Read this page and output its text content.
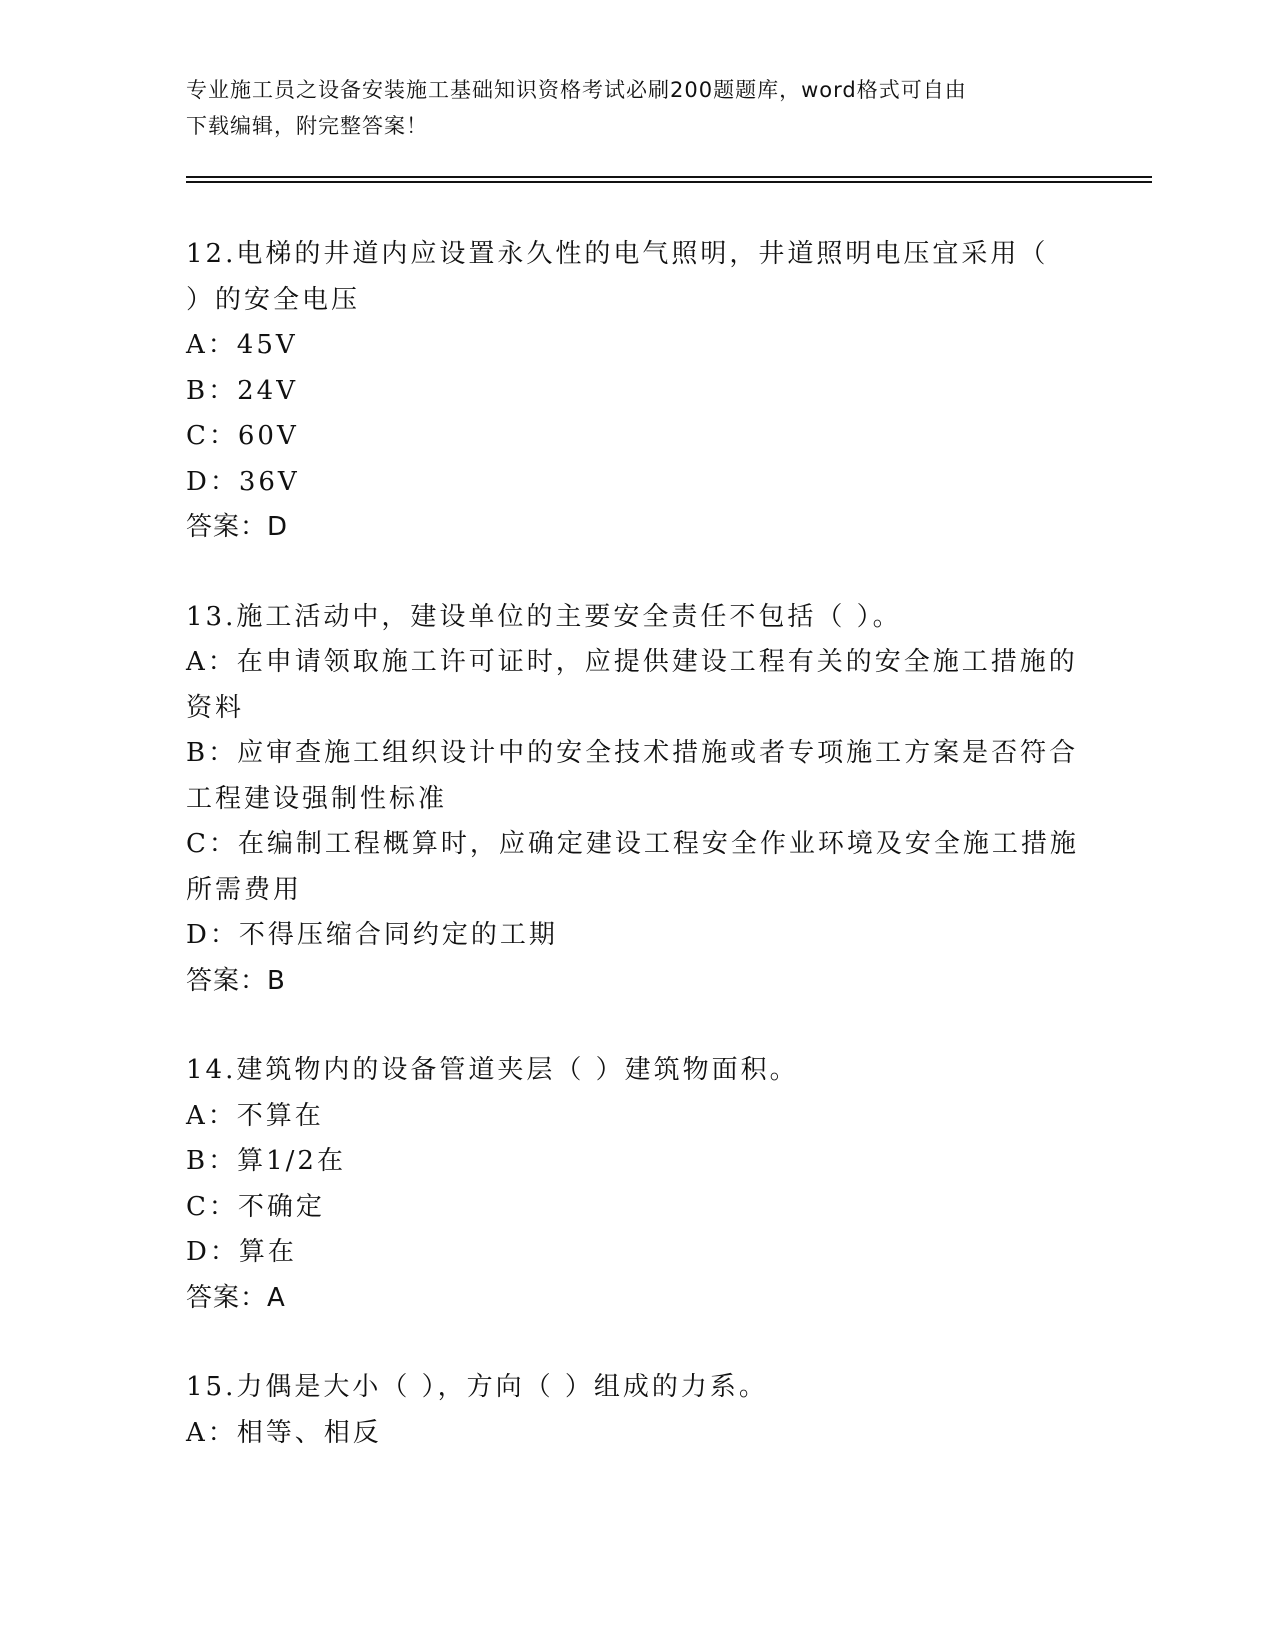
专业施工员之设备安装施工基础知识资格考试必刷200题题库，word格式可自由
下载编辑，附完整答案！
12.电梯的井道内应设置永久性的电气照明，井道照明电压宜采用（
）的安全电压
A：45V
B：24V
C：60V
D：36V
答案：D
13.施工活动中，建设单位的主要安全责任不包括（ ）。
A：在申请领取施工许可证时，应提供建设工程有关的安全施工措施的
资料
B：应审查施工组织设计中的安全技术措施或者专项施工方案是否符合
工程建设强制性标准
C：在编制工程概算时，应确定建设工程安全作业环境及安全施工措施
所需费用
D：不得压缩合同约定的工期
答案：B
14.建筑物内的设备管道夹层（ ）建筑物面积。
A：不算在
B：算1/2在
C：不确定
D：算在
答案：A
15.力偶是大小（ ），方向（ ）组成的力系。
A：相等、相反
